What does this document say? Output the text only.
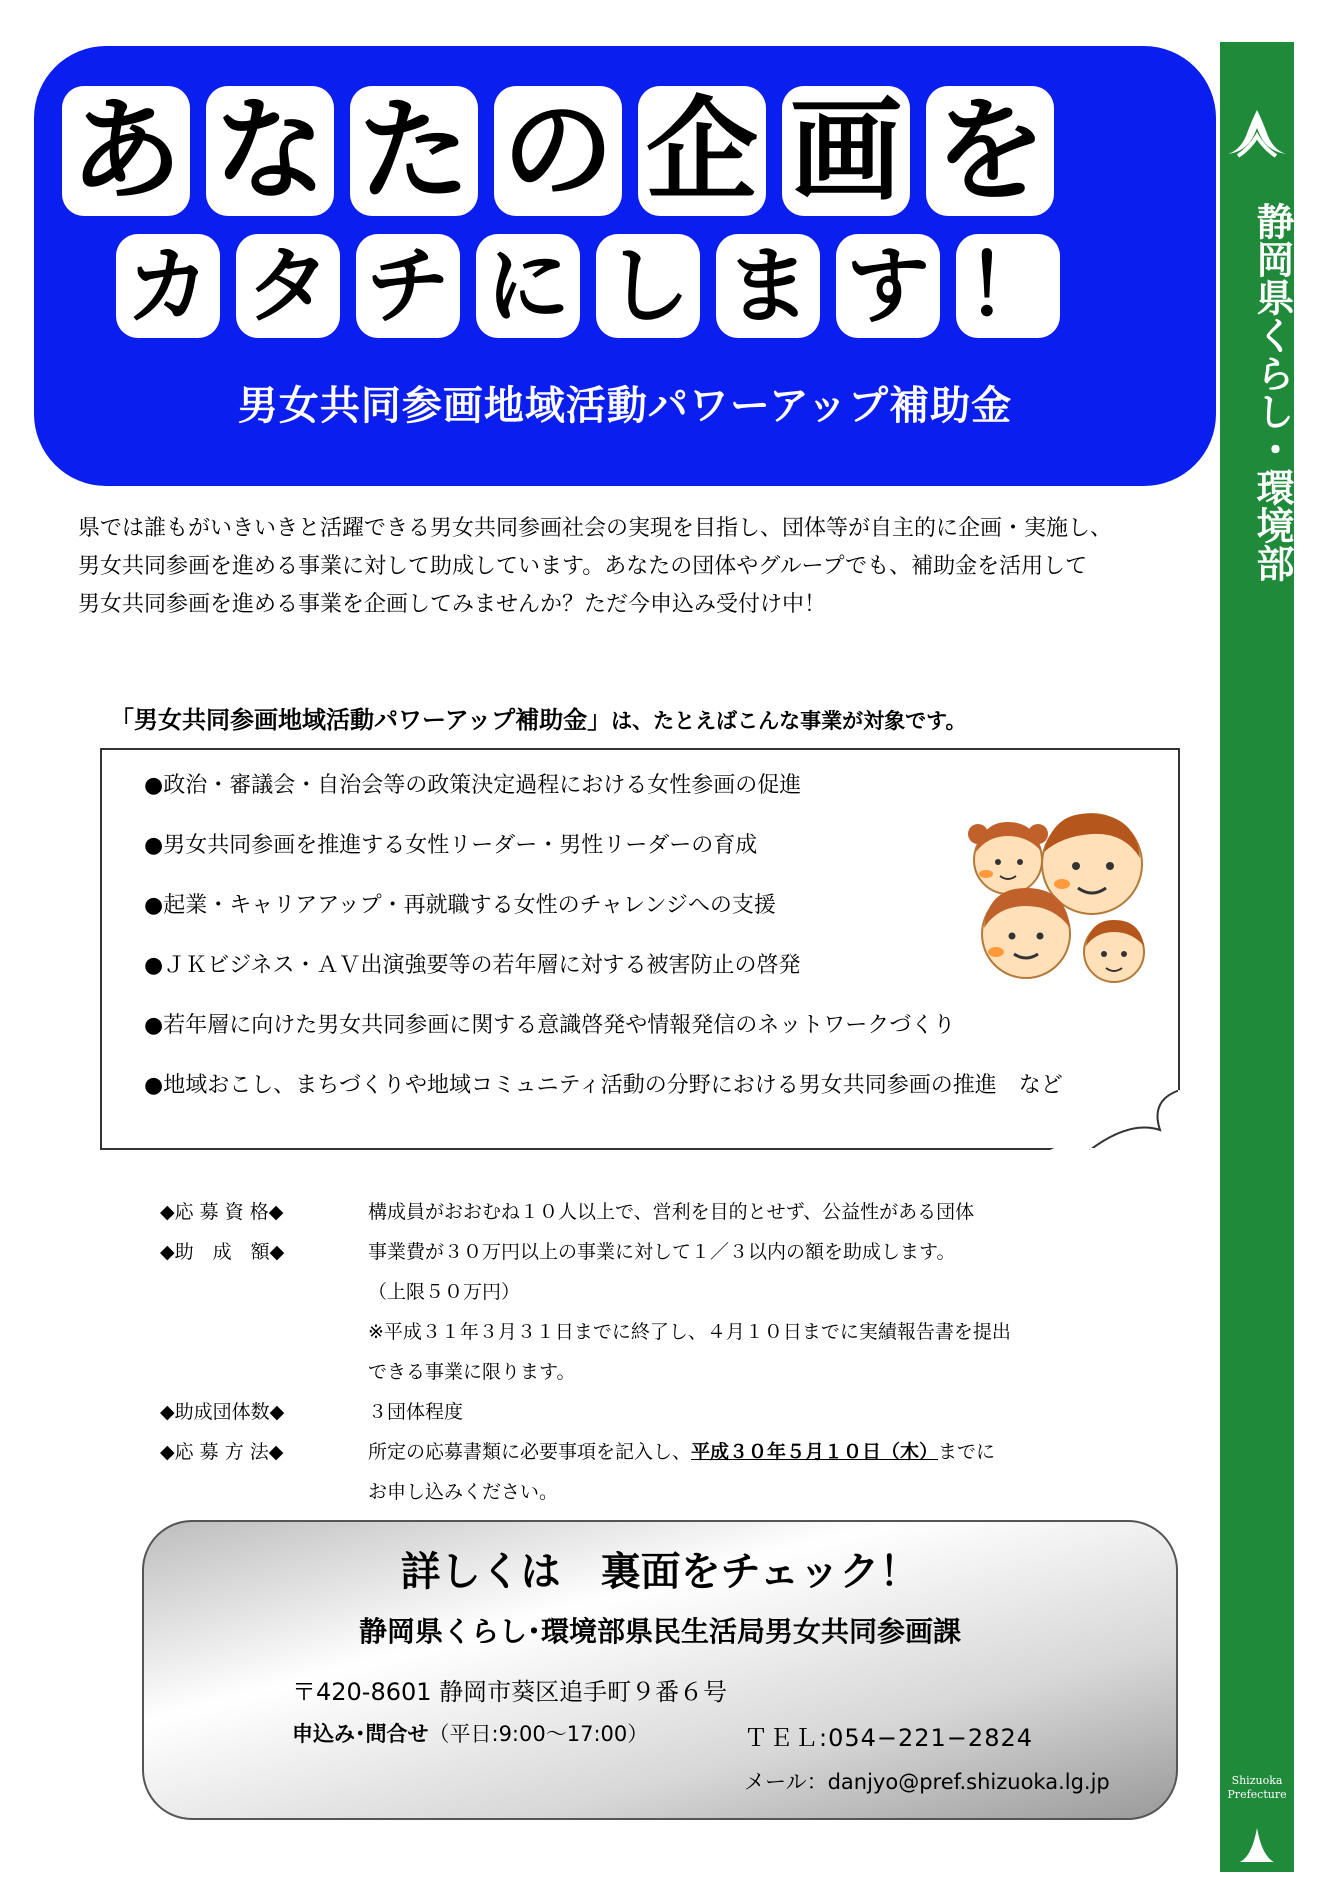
あ な た の 企 画 を
カ タ チ に し ま す ！
男女共同参画地域活動パワーアップ補助金	静岡県くらし・環境部
Shizuoka
Prefecture

県では誰もがいきいきと活躍できる男女共同参画社会の実現を目指し、団体等が自主的に企画・実施し、

男女共同参画を進める事業に対して助成しています。あなたの団体やグループでも、補助金を活用して

男女共同参画を進める事業を企画してみませんか？ただ今申込み受付け中！

「男女共同参画地域活動パワーアップ補助金」は、たとえばこんな事業が対象です。
●政治・審議会・自治会等の政策決定過程における女性参画の促進
●男女共同参画を推進する女性リーダー・男性リーダーの育成
●起業・キャリアアップ・再就職する女性のチャレンジへの支援
●ＪＫビジネス・ＡＶ出演強要等の若年層に対する被害防止の啓発
●若年層に向けた男女共同参画に関する意識啓発や情報発信のネットワークづくり
●地域おこし、まちづくりや地域コミュニティ活動の分野における男女共同参画の推進　など
◆応 募 資 格◆	構成員がおおむね１０人以上で、営利を目的とせず、公益性がある団体
◆助　成　額◆	事業費が３０万円以上の事業に対して１／３以内の額を助成します。
（上限５０万円）
※平成３１年３月３１日までに終了し、４月１０日までに実績報告書を提出
できる事業に限ります。
◆助成団体数◆	３団体程度
◆応 募 方 法◆	所定の応募書類に必要事項を記入し、平成３０年５月１０日（木）までに
お申し込みください。
詳しくは　裏面をチェック！
静岡県くらし･環境部県民生活局男女共同参画課
〒420-8601 静岡市葵区追手町９番６号
申込み･問合せ（平日:9:00～17:00）	ＴＥＬ:054−221−2824
メール：danjyo@pref.shizuoka.lg.jp
